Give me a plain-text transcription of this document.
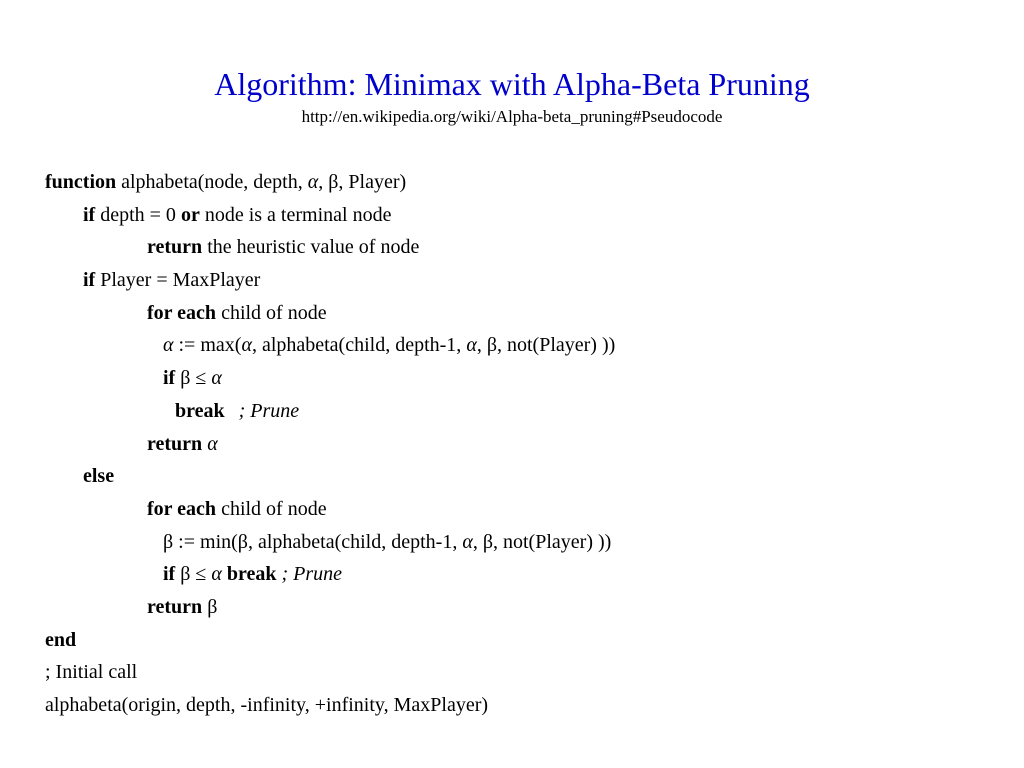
Algorithm: Minimax with Alpha-Beta Pruning
http://en.wikipedia.org/wiki/Alpha-beta_pruning#Pseudocode
function alphabeta(node, depth, α, β, Player)
if depth = 0 or node is a terminal node
return the heuristic value of node
if Player = MaxPlayer
for each child of node
α := max(α, alphabeta(child, depth-1, α, β, not(Player) ))
if β ≤ α
break ; Prune
return α
else
for each child of node
β := min(β, alphabeta(child, depth-1, α, β, not(Player) ))
if β ≤ α break ; Prune
return β
end
; Initial call
alphabeta(origin, depth, -infinity, +infinity, MaxPlayer)
